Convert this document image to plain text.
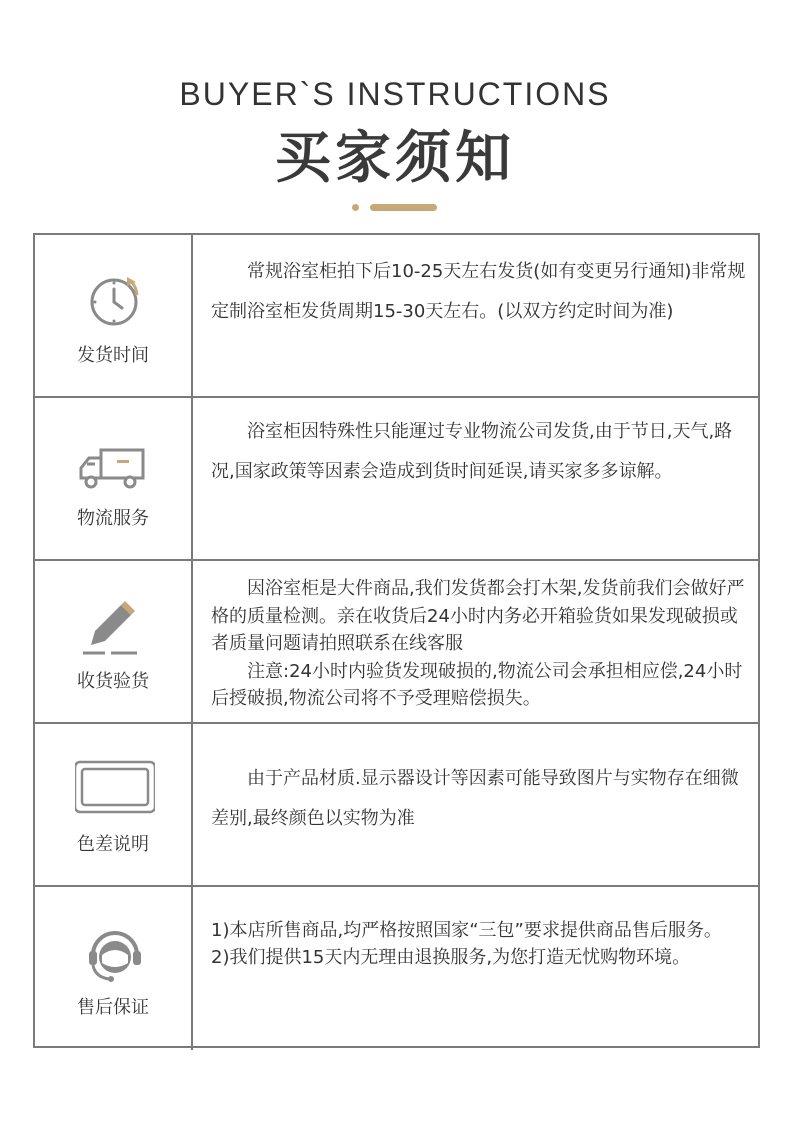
BUYER`S INSTRUCTIONS
买家须知
发货时间

　　常规浴室柜拍下后10-25天左右发货(如有变更另行通知)非常规定制浴室柜发货周期15-30天左右。(以双方约定时间为准)

物流服务

　　浴室柜因特殊性只能運过专业物流公司发货,由于节日,天气,路况,国家政策等因素会造成到货时间延误,请买家多多谅解。

收货验货

　　因浴室柜是大件商品,我们发货都会打木架,发货前我们会做好严格的质量检测。亲在收货后24小时内务必开箱验货如果发现破损或者质量问题请拍照联系在线客服

　　注意:24小时内验货发现破损的,物流公司会承担相应偿,24小时后授破损,物流公司将不予受理赔偿损失。

色差说明

　　由于产品材质.显示器设计等因素可能导致图片与实物存在细微差别,最终颜色以实物为准

售后保证

1)本店所售商品,均严格按照国家“三包”要求提供商品售后服务。

2)我们提供15天内无理由退换服务,为您打造无忧购物环境。
